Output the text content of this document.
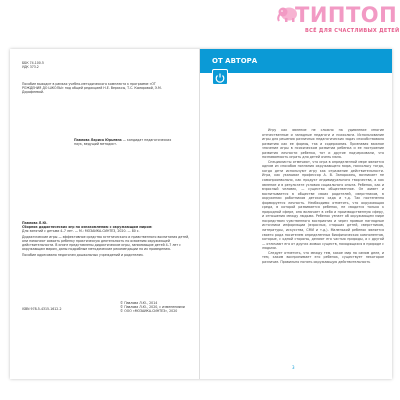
ТИПТОП
ВСЁ ДЛЯ СЧАСТЛИВЫХ ДЕТЕЙ

ББК 74.100.5

УДК 373.2

Пособие выходит в рамках учебно-методического комплекта к программе «ОТ РОЖДЕНИЯ ДО ШКОЛЫ» под общей редакцией Н.Е. Вераксы, Т.С. Комаровой, Э.М. Дорофеевой.

Павлова Лариса Юрьевна — кандидат педагогических наук, ведущий методист.

Павлова Л.Ю.

Сборник дидактических игр по ознакомлению с окружающим миром:

Для занятий с детьми 4–7 лет. — М.: МОЗАИКА-СИНТЕЗ, 2020. — 80 с.

Дидактические игры — эффективное средство эстетического и нравственного воспитания детей, они помогают освоить ребенку практическую деятельность по освоению окружающей действительности. В книге представлены дидактические игры, занимающие детей 4–7 лет с окружающим миром, даны подробные методические рекомендации по их проведению.

Пособие адресовано педагогам дошкольных учреждений и родителям.

ISBN 978-5-4315-1612-2

© Павлова Л.Ю., 2014

© Павлова Л.Ю., 2020, с изменениями

© ООО «МОЗАИКА-СИНТЕЗ», 2020

ОТ АВТОРА

Игру как явление не сложно на удивление многие отечественные и западные педагоги и психологи. Использование игры для решения различных педагогических задач способствовало развитию как ее формы, так и содержания. Признавая важное значение игры в психическом развитии ребенка и ее построение развития личности ребенка, тот и другие подчеркивали, что познаваемость играть для детей очень мала.

Специалисты отмечают, что игра в определенной мере является одним из способов познания окружающего мира, поскольку тогда, когда дети используют игру как отражение действительности. Игра, как указывал профессор А. В. Запорожец, возникает не самопроизвольно, как продукт индивидуального творчества, а как явление и в результате условия социального опыта. Ребенок, как и взрослый человек, — существо общественное. Он живет и воспитывается в обществе своих родителей, сверстников, в окружении работников детского сада и т.д. Так постепенно формируется личность. Необходимо отметить, что окружающая среда, в которой развивается ребенок, не сводится только к природной сфере, она включает в себя и производственную сферу, и отношения между людьми. Ребенок узнает об окружающем мире посредством чувственного восприятия и через прямые наглядные источники информации (взрослых, старших детей, сверстников, литературы, искусства, СМИ и т.д.). Маленький ребенок является своего рода носителем определенных биофизических компонентов, которые, с одной стороны, делают его частью природы, а с другой — отличают его от других живых существ, находящихся в природе с людьми.

Следует отметить, что между тем, какое мир на самом деле, и тем, каким воспринимает его ребенок, существует некоторое различие. Правильно понять окружающую действительность

3
